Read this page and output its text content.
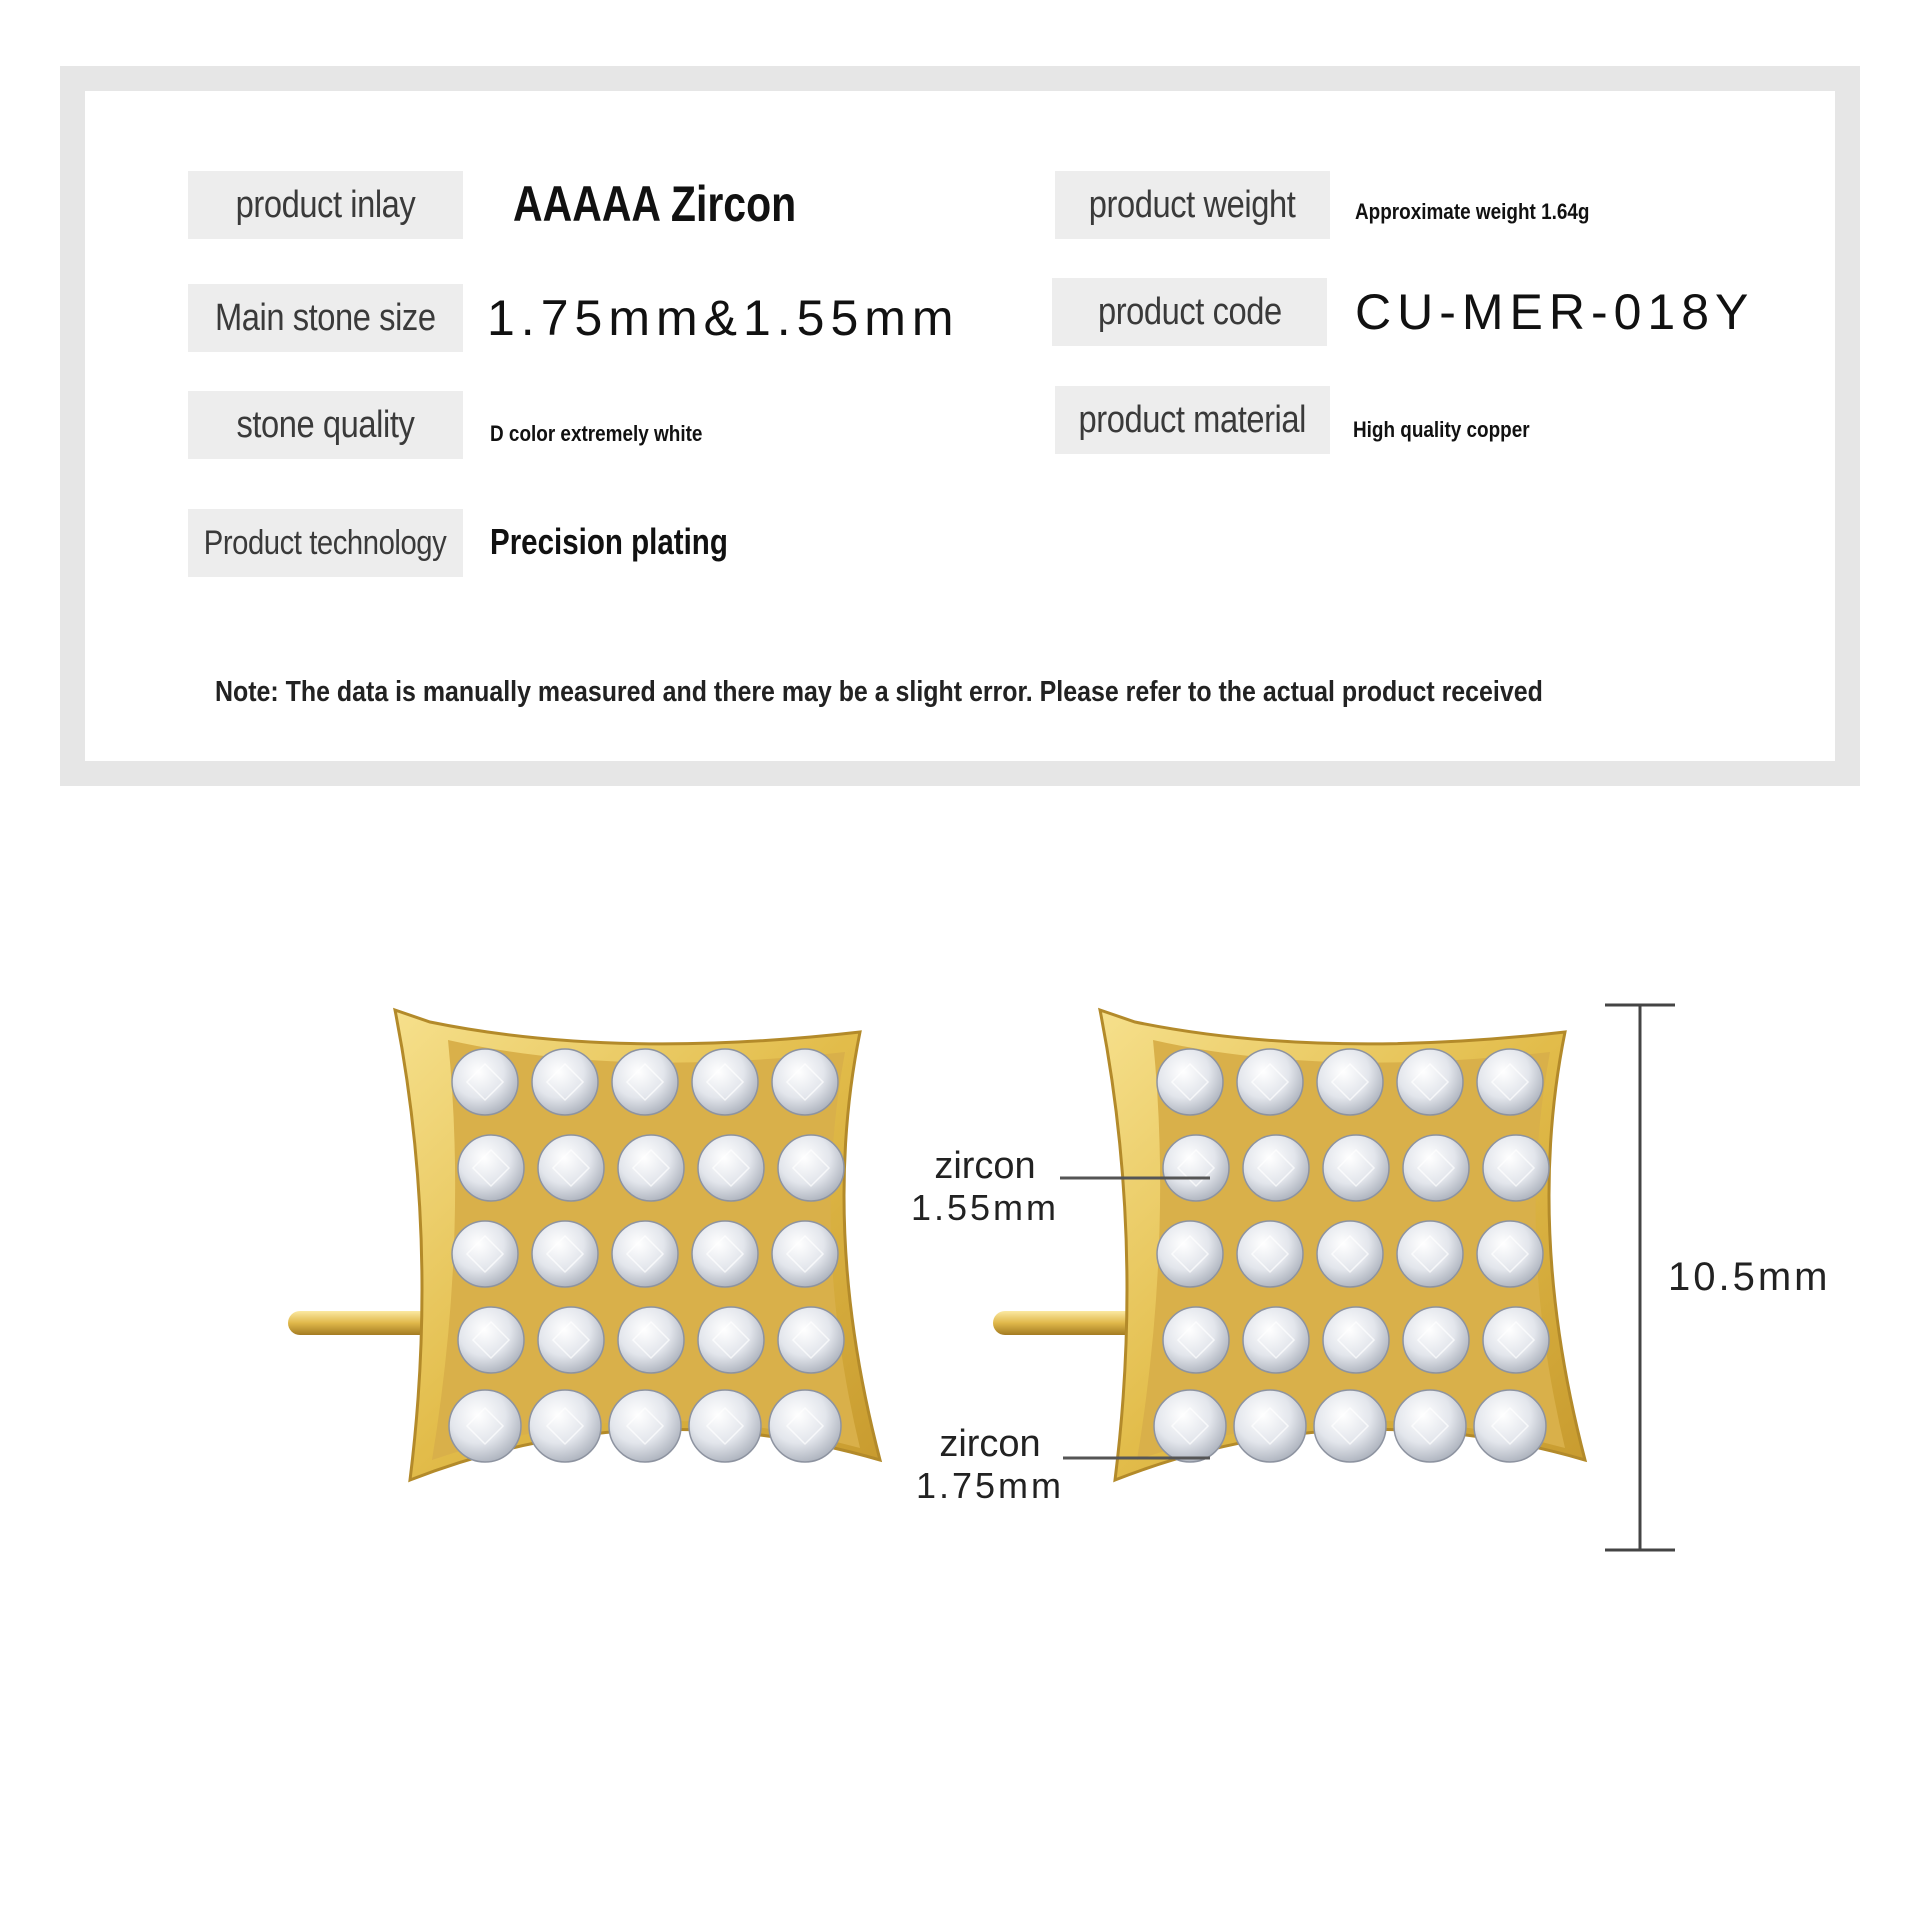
product inlay AAAAA Zircon
Main stone size 1.75mm&1.55mm
stone quality	D color extremely white
Product technology Precision plating
product weight	Approximate weight 1.64g
product code CU-MER-018Y
product material High quality copper
Note: The data is manually measured and there may be a slight error. Please refer to the actual product received
zircon
1.55mm
zircon
1.75mm
10.5mm
